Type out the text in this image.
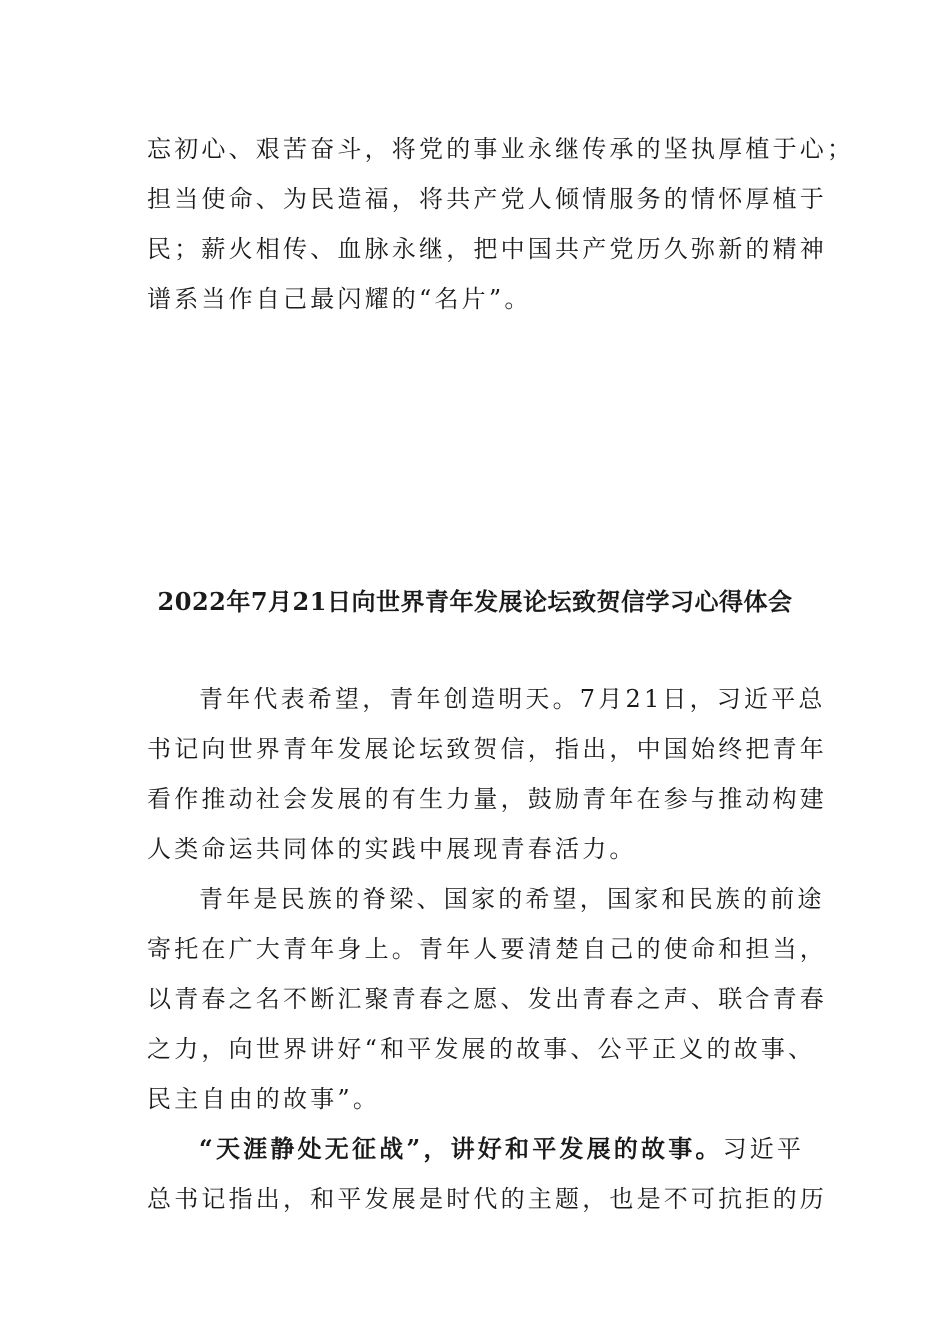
忘初心、艰苦奋斗，将党的事业永继传承的坚执厚植于心；
担当使命、为民造福，将共产党人倾情服务的情怀厚植于
民；薪火相传、血脉永继，把中国共产党历久弥新的精神
谱系当作自己最闪耀的“名片”。
2022年7月21日向世界青年发展论坛致贺信学习心得体会
青年代表希望，青年创造明天。7月21日，习近平总
书记向世界青年发展论坛致贺信，指出，中国始终把青年
看作推动社会发展的有生力量，鼓励青年在参与推动构建
人类命运共同体的实践中展现青春活力。
青年是民族的脊梁、国家的希望，国家和民族的前途
寄托在广大青年身上。青年人要清楚自己的使命和担当，
以青春之名不断汇聚青春之愿、发出青春之声、联合青春
之力，向世界讲好“和平发展的故事、公平正义的故事、
民主自由的故事”。
“天涯静处无征战”，讲好和平发展的故事。习近平
总书记指出，和平发展是时代的主题，也是不可抗拒的历
